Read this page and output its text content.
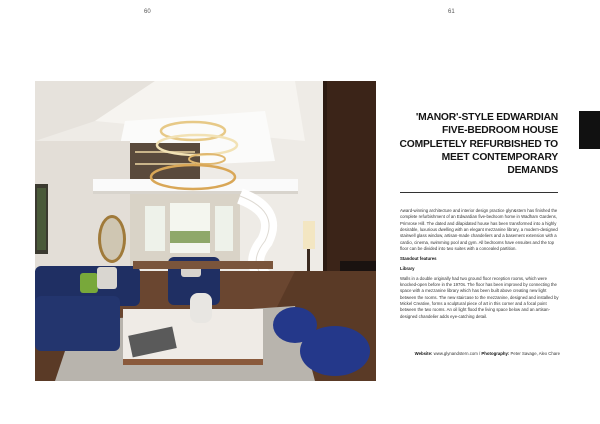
60	61
'MANOR'-STYLE EDWARDIAN FIVE-BEDROOM HOUSE COMPLETELY REFURBISHED TO MEET CONTEMPORARY DEMANDS

Award-winning architecture and interior design practice glyn&stern has finished the complete refurbishment of an Edwardian five-bedroom home in Wadham Gardens, Primrose Hill. The dated and dilapidated house has been transformed into a highly desirable, luxurious dwelling with an elegant mezzanine library, a modern-designed stairwell glass window, artisan-made chandeliers and a basement extension with a cardio, cinema, swimming pool and gym. All bedrooms have ensuites and the top floor can be divided into two suites with a concealed partition.

Standout features

Library

Walls in a double originally had two ground floor reception rooms, which were knocked-open before in the 1970s. The floor has been improved by connecting the space with a mezzanine library which has been built above creating new light between the rooms. The new staircase to the mezzanine, designed and installed by Mickel Creative, forms a sculptural piece of art in this corner and a focal point between the two rooms. An oil light flood the living space below and an artisan-designed chandelier adds eye-catching detail.

Website: www.glynandstern.com / Photography: Peter Savage, Alex Chare
